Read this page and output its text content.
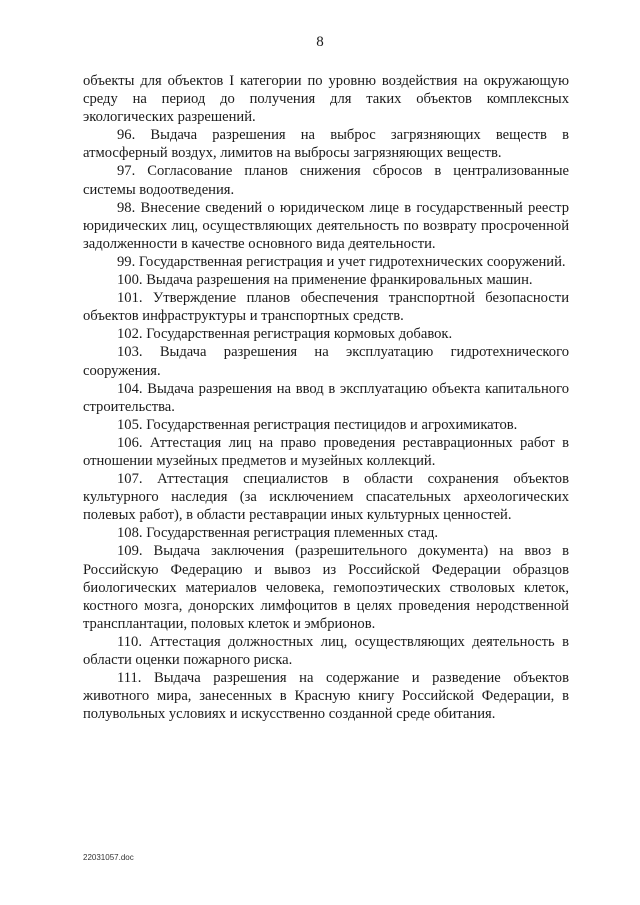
8

объекты для объектов I категории по уровню воздействия на окружающую среду на период до получения для таких объектов комплексных экологических разрешений.

96. Выдача разрешения на выброс загрязняющих веществ в атмосферный воздух, лимитов на выбросы загрязняющих веществ.

97. Согласование планов снижения сбросов в централизованные системы водоотведения.

98. Внесение сведений о юридическом лице в государственный реестр юридических лиц, осуществляющих деятельность по возврату просроченной задолженности в качестве основного вида деятельности.

99. Государственная регистрация и учет гидротехнических сооружений.

100. Выдача разрешения на применение франкировальных машин.

101. Утверждение планов обеспечения транспортной безопасности объектов инфраструктуры и транспортных средств.

102. Государственная регистрация кормовых добавок.

103. Выдача разрешения на эксплуатацию гидротехнического сооружения.

104. Выдача разрешения на ввод в эксплуатацию объекта капитального строительства.

105. Государственная регистрация пестицидов и агрохимикатов.

106. Аттестация лиц на право проведения реставрационных работ в отношении музейных предметов и музейных коллекций.

107. Аттестация специалистов в области сохранения объектов культурного наследия (за исключением спасательных археологических полевых работ), в области реставрации иных культурных ценностей.

108. Государственная регистрация племенных стад.

109. Выдача заключения (разрешительного документа) на ввоз в Российскую Федерацию и вывоз из Российской Федерации образцов биологических материалов человека, гемопоэтических стволовых клеток, костного мозга, донорских лимфоцитов в целях проведения неродственной трансплантации, половых клеток и эмбрионов.

110. Аттестация должностных лиц, осуществляющих деятельность в области оценки пожарного риска.

111. Выдача разрешения на содержание и разведение объектов животного мира, занесенных в Красную книгу Российской Федерации, в полувольных условиях и искусственно созданной среде обитания.

22031057.doc
